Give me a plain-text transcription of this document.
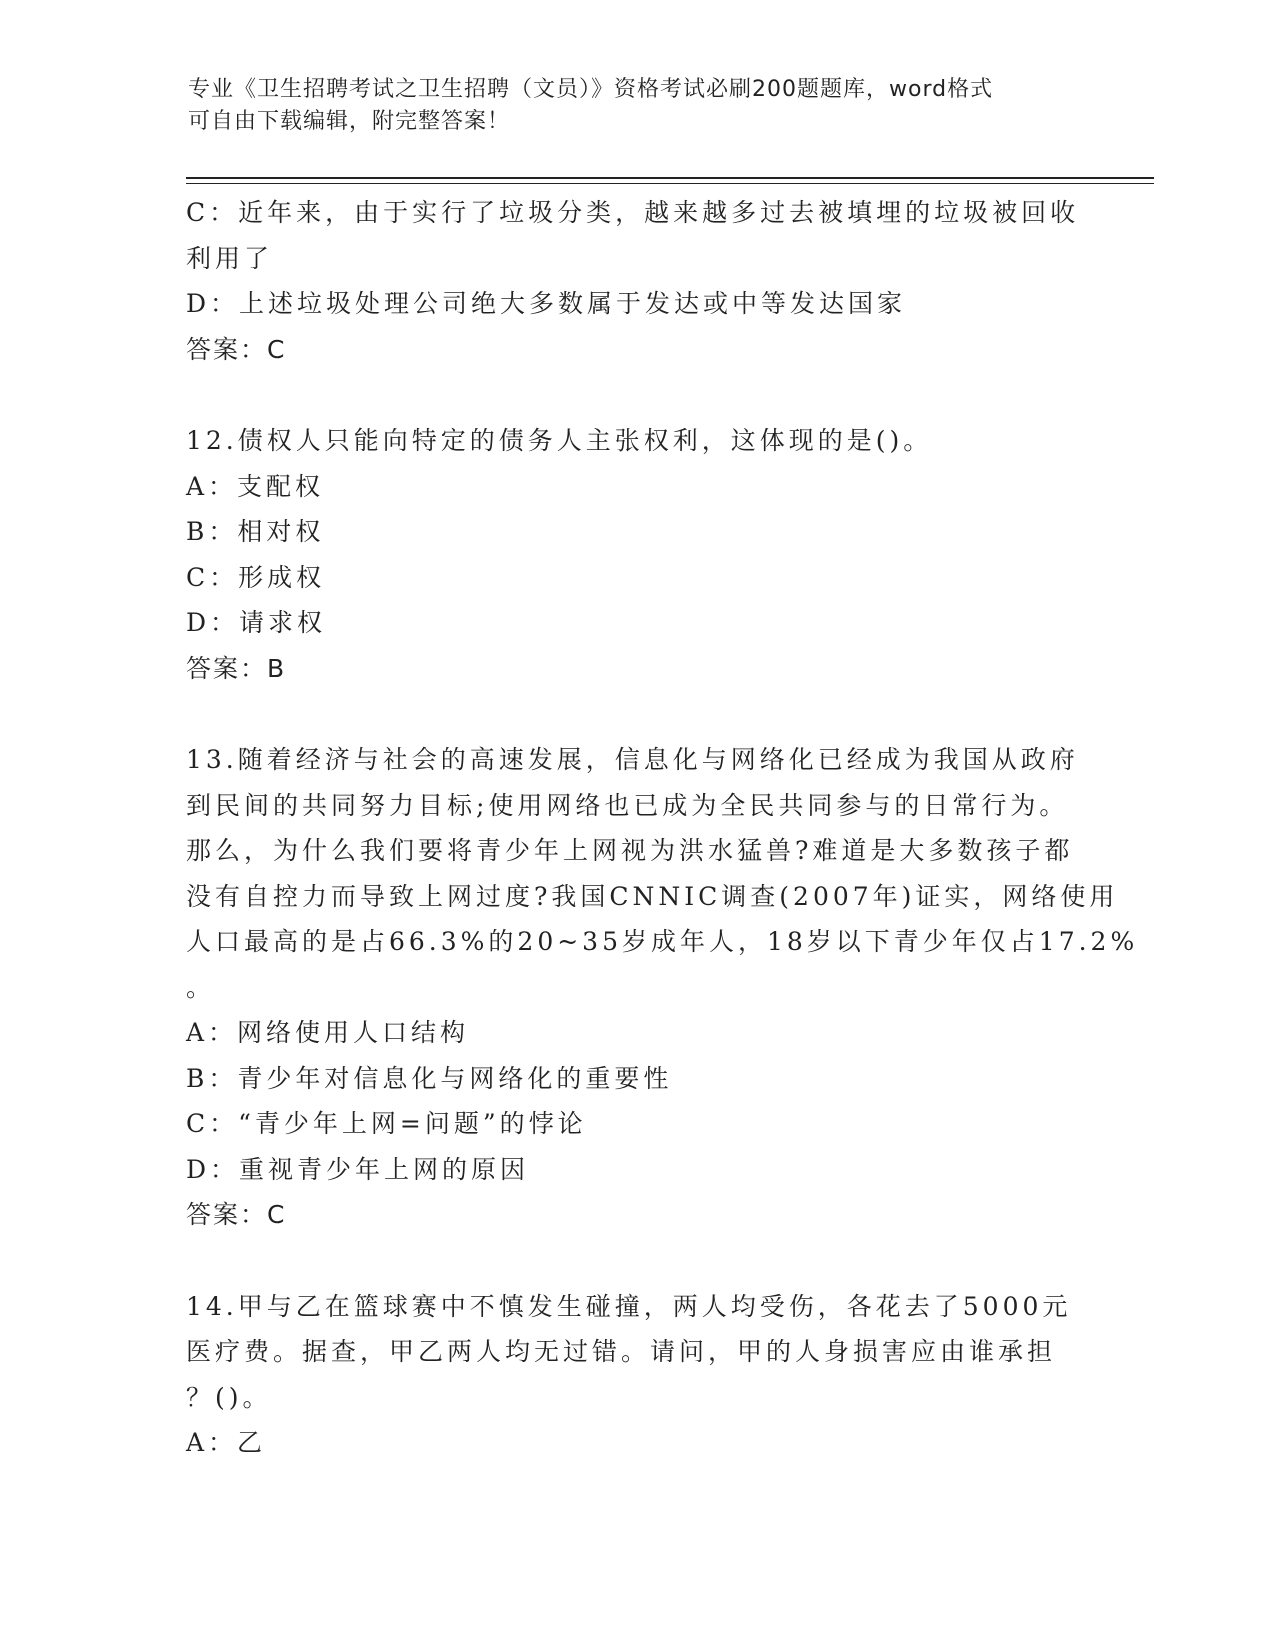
专业《卫生招聘考试之卫生招聘（文员）》资格考试必刷200题题库，word格式
可自由下载编辑，附完整答案！
C：近年来，由于实行了垃圾分类，越来越多过去被填埋的垃圾被回收
利用了
D：上述垃圾处理公司绝大多数属于发达或中等发达国家
答案：C
12.债权人只能向特定的债务人主张权利，这体现的是()。
A：支配权
B：相对权
C：形成权
D：请求权
答案：B
13.随着经济与社会的高速发展，信息化与网络化已经成为我国从政府
到民间的共同努力目标;使用网络也已成为全民共同参与的日常行为。
那么，为什么我们要将青少年上网视为洪水猛兽?难道是大多数孩子都
没有自控力而导致上网过度?我国CNNIC调查(2007年)证实，网络使用
人口最高的是占66.3%的20~35岁成年人，18岁以下青少年仅占17.2%
。
A：网络使用人口结构
B：青少年对信息化与网络化的重要性
C：“青少年上网=问题”的悖论
D：重视青少年上网的原因
答案：C
14.甲与乙在篮球赛中不慎发生碰撞，两人均受伤，各花去了5000元
医疗费。据查，甲乙两人均无过错。请问，甲的人身损害应由谁承担
？()。
A：乙
